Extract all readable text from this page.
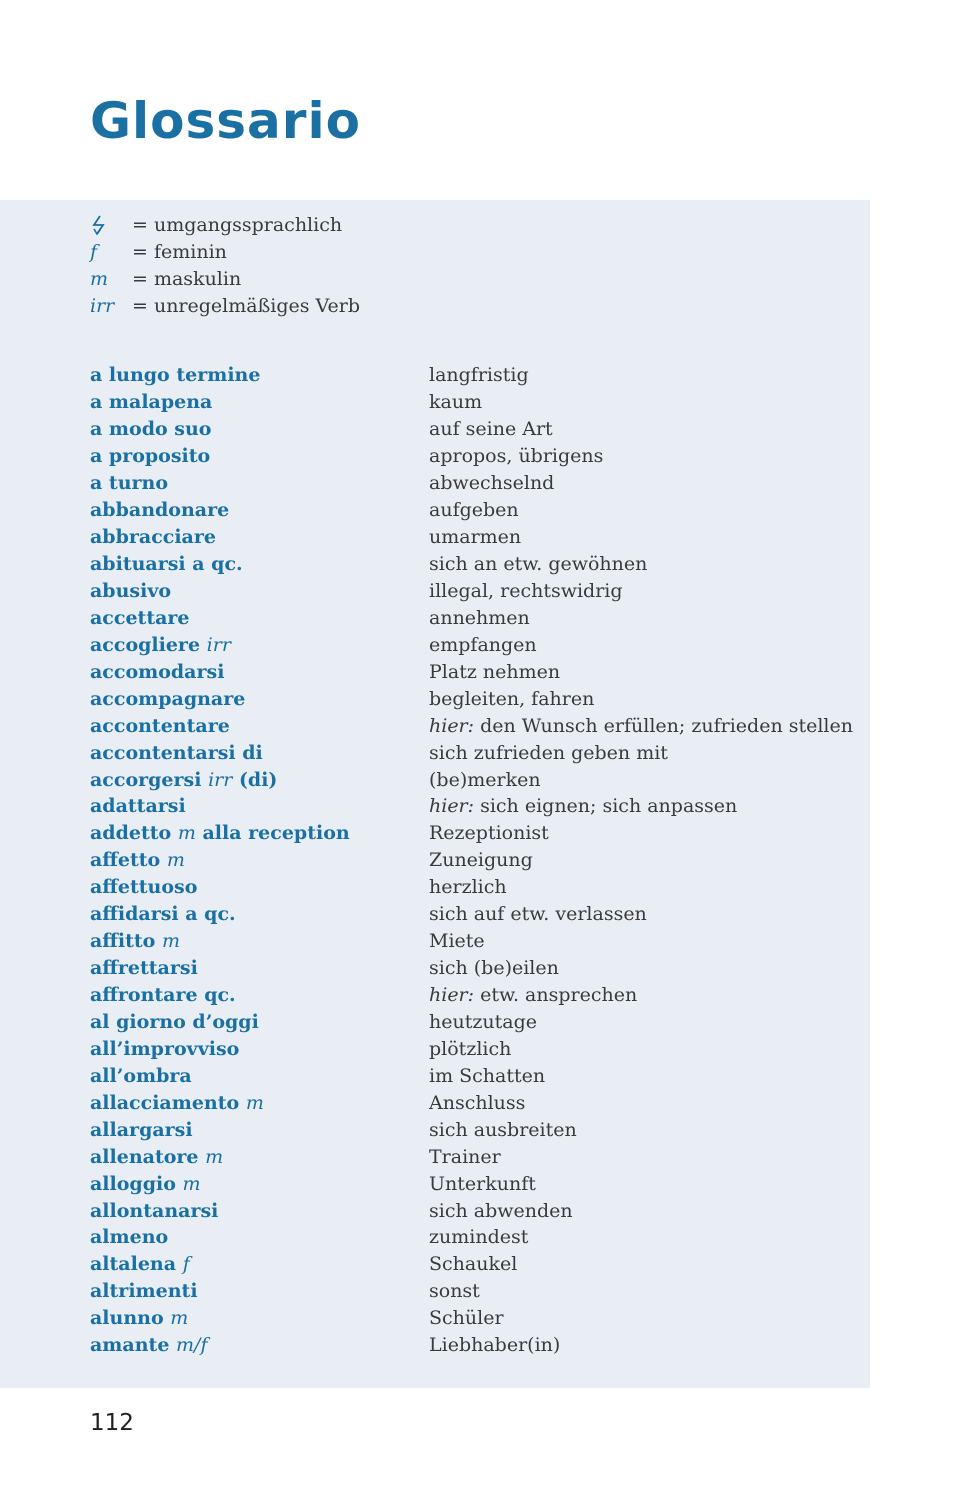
Glossario
= umgangssprachlich
f	= feminin
m	= maskulin
irr = unregelmäßiges Verb
a lungo termine	langfristig
a malapena	kaum
a modo suo	auf seine Art
a proposito	apropos, übrigens
a turno	abwechselnd
abbandonare	aufgeben
abbracciare	umarmen
abituarsi a qc.	sich an etw. gewöhnen
abusivo	illegal, rechtswidrig
accettare	annehmen
accogliere irr	empfangen
accomodarsi	Platz nehmen
accompagnare	begleiten, fahren
accontentare	hier: den Wunsch erfüllen; zufrieden stellen
accontentarsi di	sich zufrieden geben mit
accorgersi irr (di)	(be)merken
adattarsi	hier: sich eignen; sich anpassen
addetto m alla reception	Rezeptionist
affetto m	Zuneigung
affettuoso	herzlich
affidarsi a qc.	sich auf etw. verlassen
affitto m	Miete
affrettarsi	sich (be)eilen
affrontare qc.	hier: etw. ansprechen
al giorno d’oggi	heutzutage
all’improvviso	plötzlich
all’ombra	im Schatten
allacciamento m	Anschluss
allargarsi	sich ausbreiten
allenatore m	Trainer
alloggio m	Unterkunft
allontanarsi	sich abwenden
almeno	zumindest
altalena f	Schaukel
altrimenti	sonst
alunno m	Schüler
amante m/f	Liebhaber(in)
112
